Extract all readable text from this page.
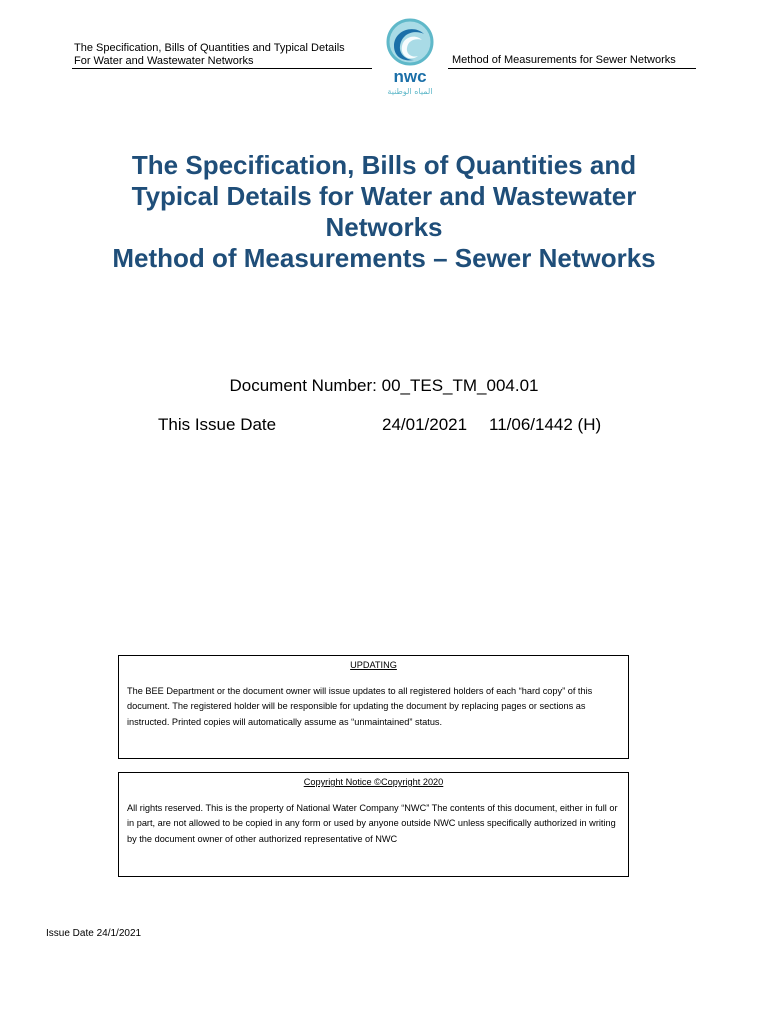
The Specification, Bills of Quantities and Typical Details
For Water and Wastewater Networks
nwc
المياه الوطنية
Method of Measurements for Sewer Networks
The Specification, Bills of Quantities and
Typical Details for Water and Wastewater
Networks
Method of Measurements – Sewer Networks
Document Number: 00_TES_TM_004.01
This Issue Date	24/01/2021 11/06/1442 (H)
UPDATING
The BEE Department or the document owner will issue updates to all registered holders of each “hard copy” of this document. The registered holder will be responsible for updating the document by replacing pages or sections as instructed. Printed copies will automatically assume as “unmaintained” status.
Copyright Notice ©Copyright 2020
All rights reserved. This is the property of National Water Company “NWC” The contents of this document, either in full or in part, are not allowed to be copied in any form or used by anyone outside NWC unless specifically authorized in writing by the document owner of other authorized representative of NWC
Issue Date 24/1/2021
